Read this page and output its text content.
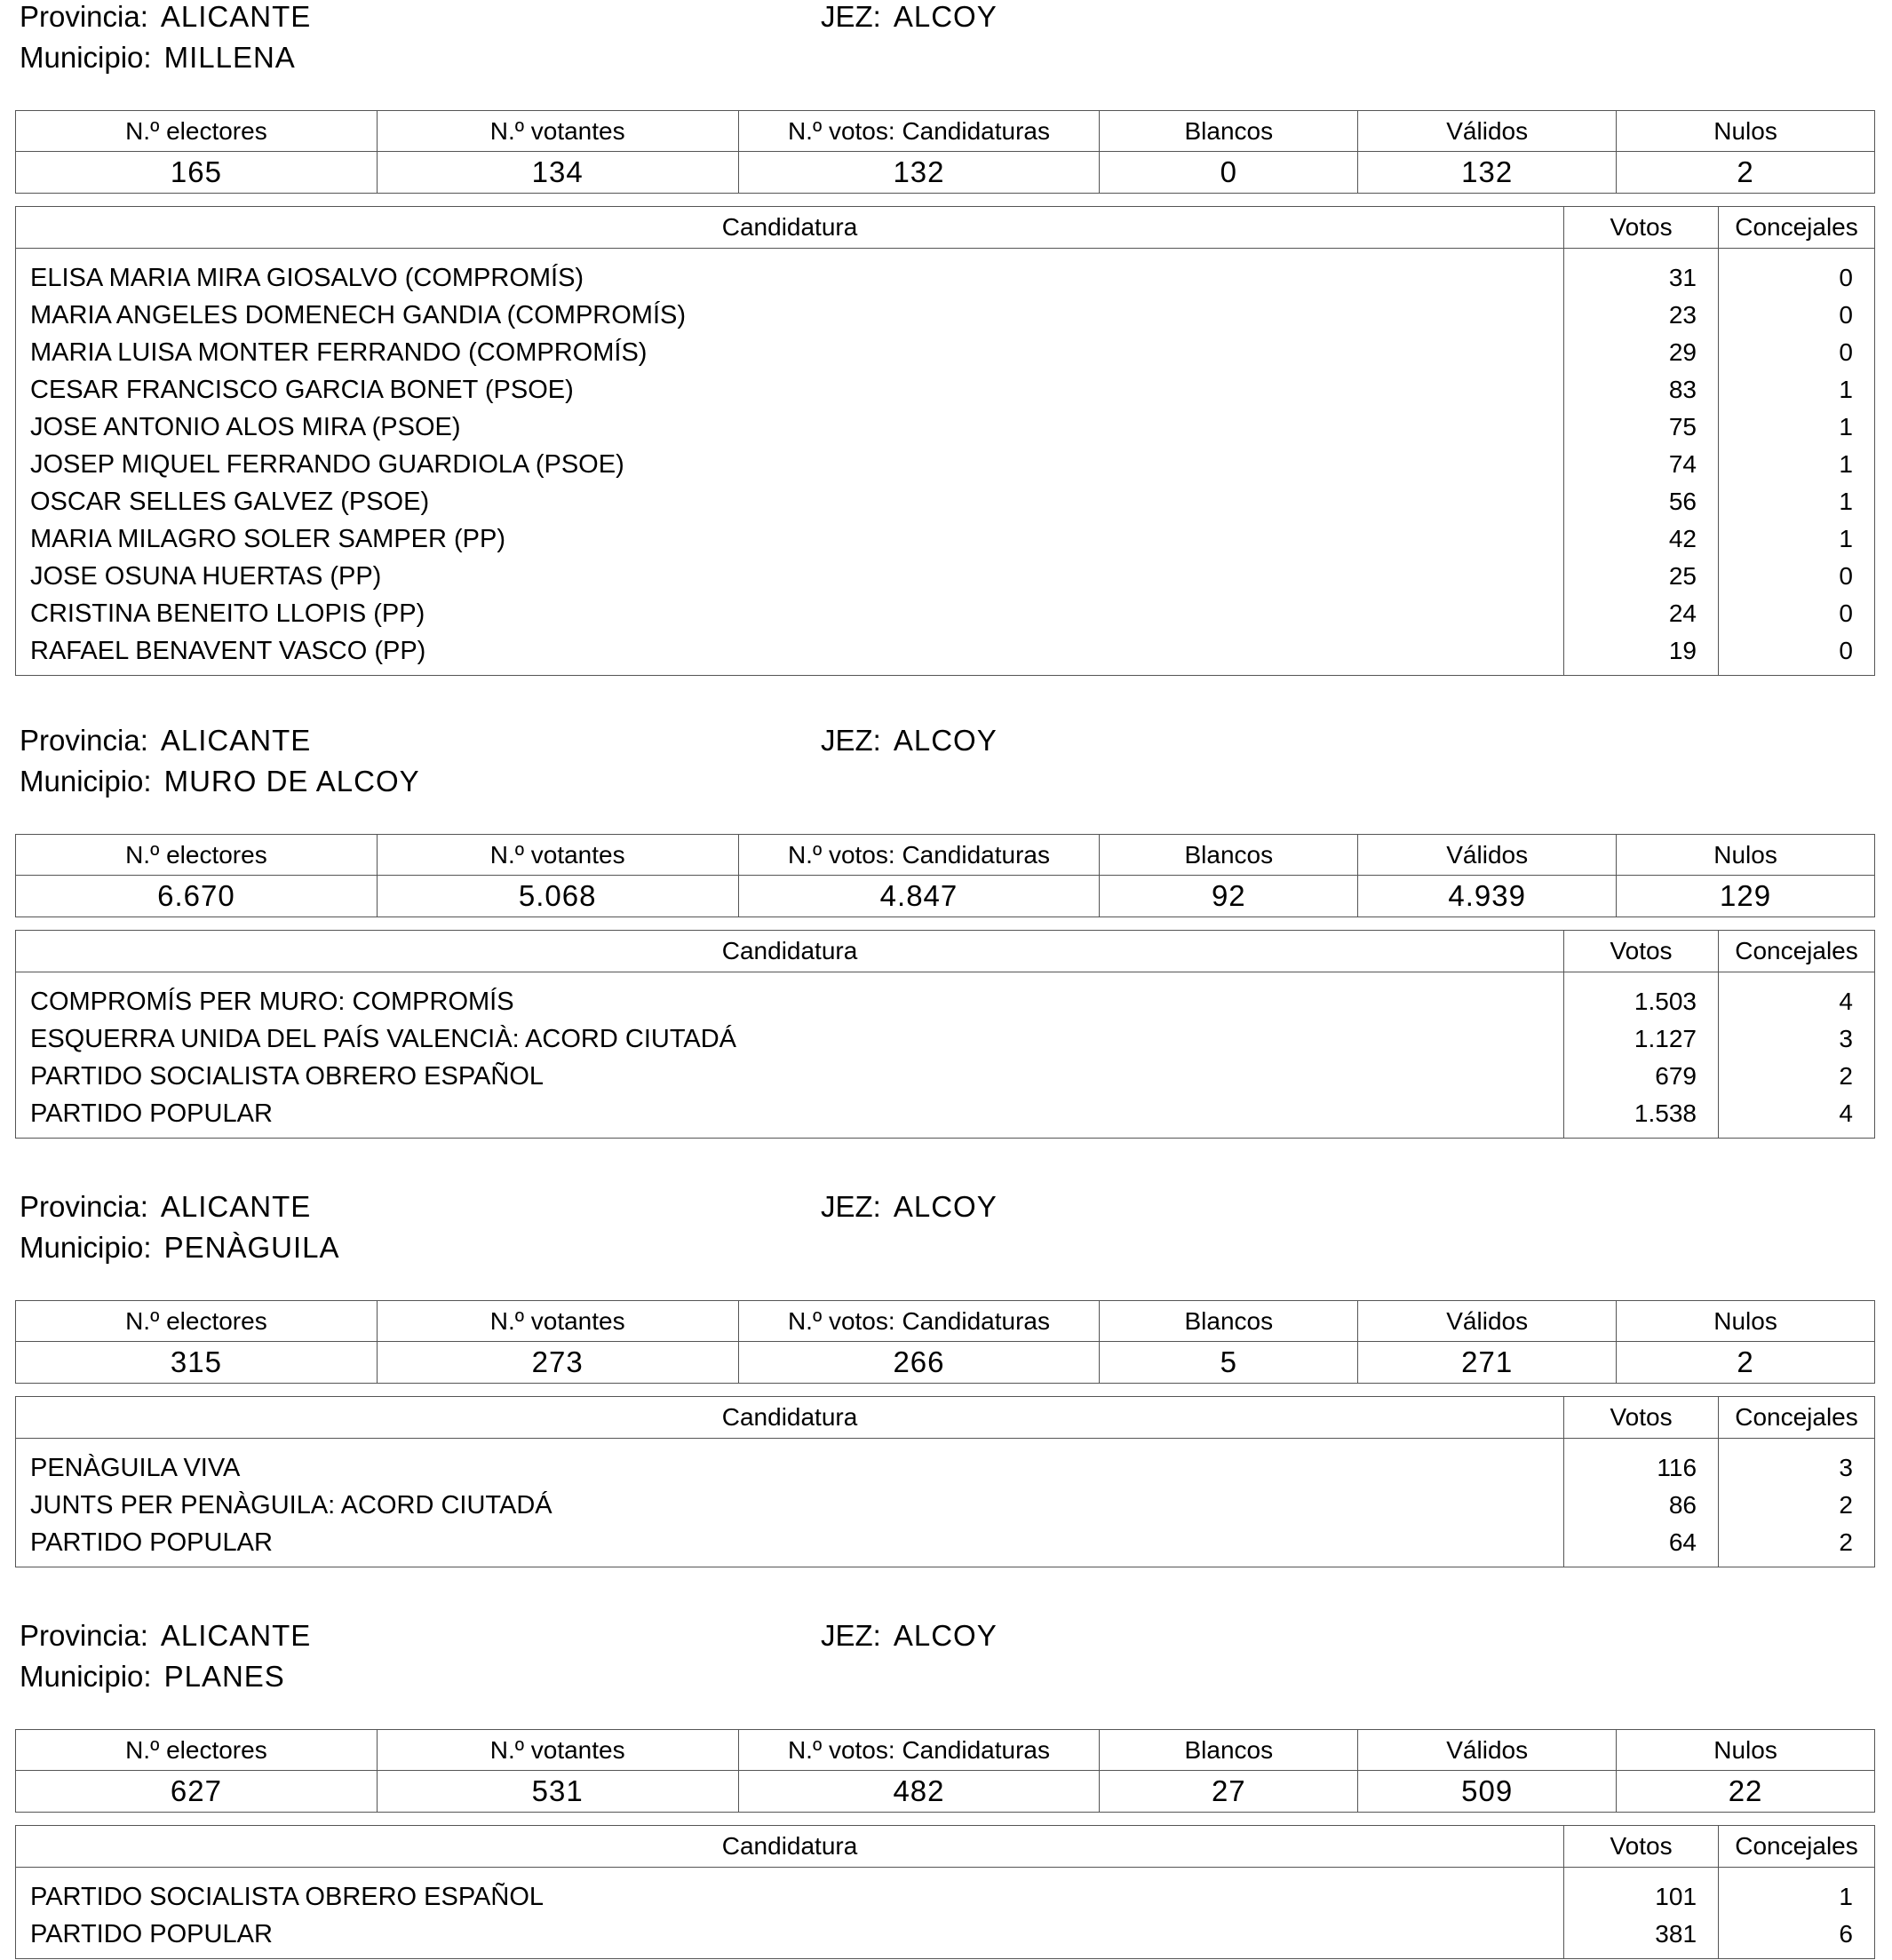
Provincia: ALICANTE	JEZ: ALCOY
Municipio: MILLENA
N.º electores	N.º votantes	N.º votos: Candidaturas	Blancos	Válidos	Nulos
165	134	132	0	132	2
Candidatura	Votos	Concejales
ELISA MARIA MIRA GIOSALVO (COMPROMÍS)	31	0
MARIA ANGELES DOMENECH GANDIA (COMPROMÍS)	23	0
MARIA LUISA MONTER FERRANDO (COMPROMÍS)	29	0
CESAR FRANCISCO GARCIA BONET (PSOE)	83	1
JOSE ANTONIO ALOS MIRA (PSOE)	75	1
JOSEP MIQUEL FERRANDO GUARDIOLA (PSOE)	74	1
OSCAR SELLES GALVEZ (PSOE)	56	1
MARIA MILAGRO SOLER SAMPER (PP)	42	1
JOSE OSUNA HUERTAS (PP)	25	0
CRISTINA BENEITO LLOPIS (PP)	24	0
RAFAEL BENAVENT VASCO (PP)	19	0
Provincia: ALICANTE	JEZ: ALCOY
Municipio: MURO DE ALCOY
N.º electores	N.º votantes	N.º votos: Candidaturas	Blancos	Válidos	Nulos
6.670	5.068	4.847	92	4.939	129
Candidatura	Votos	Concejales
COMPROMÍS PER MURO: COMPROMÍS	1.503	4
ESQUERRA UNIDA DEL PAÍS VALENCIÀ: ACORD CIUTADÁ	1.127	3
PARTIDO SOCIALISTA OBRERO ESPAÑOL	679	2
PARTIDO POPULAR	1.538	4
Provincia: ALICANTE	JEZ: ALCOY
Municipio: PENÀGUILA
N.º electores	N.º votantes	N.º votos: Candidaturas	Blancos	Válidos	Nulos
315	273	266	5	271	2
Candidatura	Votos	Concejales
PENÀGUILA VIVA	116	3
JUNTS PER PENÀGUILA: ACORD CIUTADÁ	86	2
PARTIDO POPULAR	64	2
Provincia: ALICANTE	JEZ: ALCOY
Municipio: PLANES
N.º electores	N.º votantes	N.º votos: Candidaturas	Blancos	Válidos	Nulos
627	531	482	27	509	22
Candidatura	Votos	Concejales
PARTIDO SOCIALISTA OBRERO ESPAÑOL	101	1
PARTIDO POPULAR	381	6
